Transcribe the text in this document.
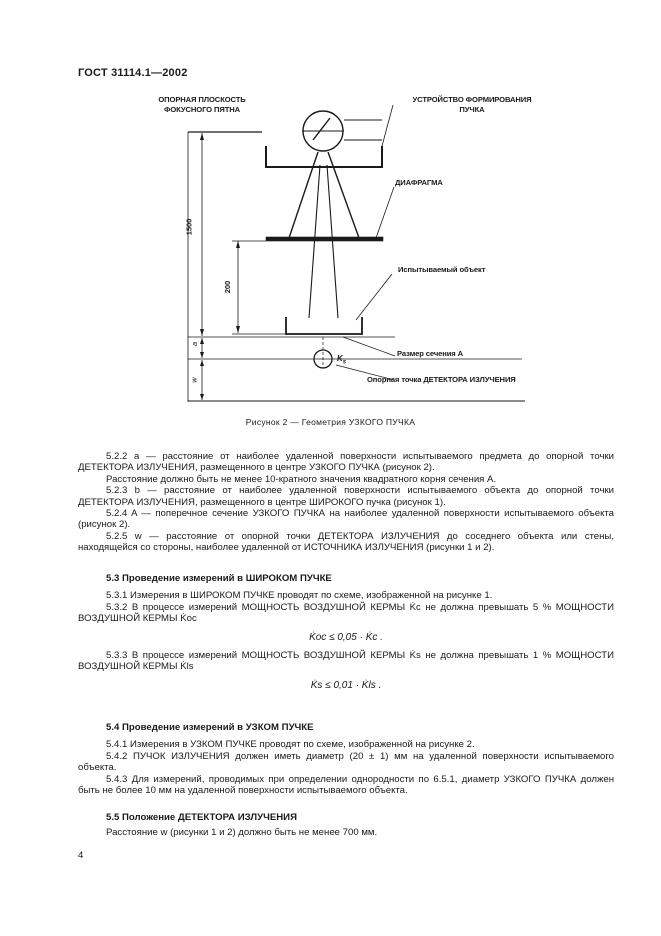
ГОСТ 31114.1—2002
ОПОРНАЯ ПЛОСКОСТЬ
ФОКУСНОГО ПЯТНА
УСТРОЙСТВО ФОРМИРОВАНИЯ
ПУЧКА
ДИАФРАГМА
Испытываемый объект
Размер сечения А
Опорная точка ДЕТЕКТОРА ИЗЛУЧЕНИЯ
1500
200
a
w
$K_s$
Рисунок 2 — Геометрия УЗКОГО ПУЧКА

5.2.2 a — расстояние от наиболее удаленной поверхности испытываемого предмета до опорной точки ДЕТЕКТОРА ИЗЛУЧЕНИЯ, размещенного в центре УЗКОГО ПУЧКА (рисунок 2).

Расстояние должно быть не менее 10-кратного значения квадратного корня сечения А.

5.2.3 b — расстояние от наиболее удаленной поверхности испытываемого объекта до опорной точки ДЕТЕКТОРА ИЗЛУЧЕНИЯ, размещенного в центре ШИРОКОГО пучка (рисунок 1).

5.2.4 A — поперечное сечение УЗКОГО ПУЧКА на наиболее удаленной поверхности испытываемого объекта (рисунок 2).

5.2.5 w — расстояние от опорной точки ДЕТЕКТОРА ИЗЛУЧЕНИЯ до соседнего объекта или стены, находящейся со стороны, наиболее удаленной от ИСТОЧНИКА ИЗЛУЧЕНИЯ (рисунки 1 и 2).

5.3 Проведение измерений в ШИРОКОМ ПУЧКЕ

5.3.1 Измерения в ШИРОКОМ ПУЧКЕ проводят по схеме, изображенной на рисунке 1.

5.3.2 В процессе измерений МОЩНОСТЬ ВОЗДУШНОЙ КЕРМЫ K̇c не должна превышать 5 % МОЩНОСТИ ВОЗДУШНОЙ КЕРМЫ K̇oc

K̇oc ≤ 0,05 · K̇c .

5.3.3 В процессе измерений МОЩНОСТЬ ВОЗДУШНОЙ КЕРМЫ K̇s не должна превышать 1 % МОЩНОСТИ ВОЗДУШНОЙ КЕРМЫ K̇ls

K̇s ≤ 0,01 · K̇ls .

5.4 Проведение измерений в УЗКОМ ПУЧКЕ

5.4.1 Измерения в УЗКОМ ПУЧКЕ проводят по схеме, изображенной на рисунке 2.

5.4.2 ПУЧОК ИЗЛУЧЕНИЯ должен иметь диаметр (20 ± 1) мм на удаленной поверхности испытываемого объекта.

5.4.3 Для измерений, проводимых при определении однородности по 6.5.1, диаметр УЗКОГО ПУЧКА должен быть не более 10 мм на удаленной поверхности испытываемого объекта.

5.5 Положение ДЕТЕКТОРА ИЗЛУЧЕНИЯ

Расстояние w (рисунки 1 и 2) должно быть не менее 700 мм.

4
